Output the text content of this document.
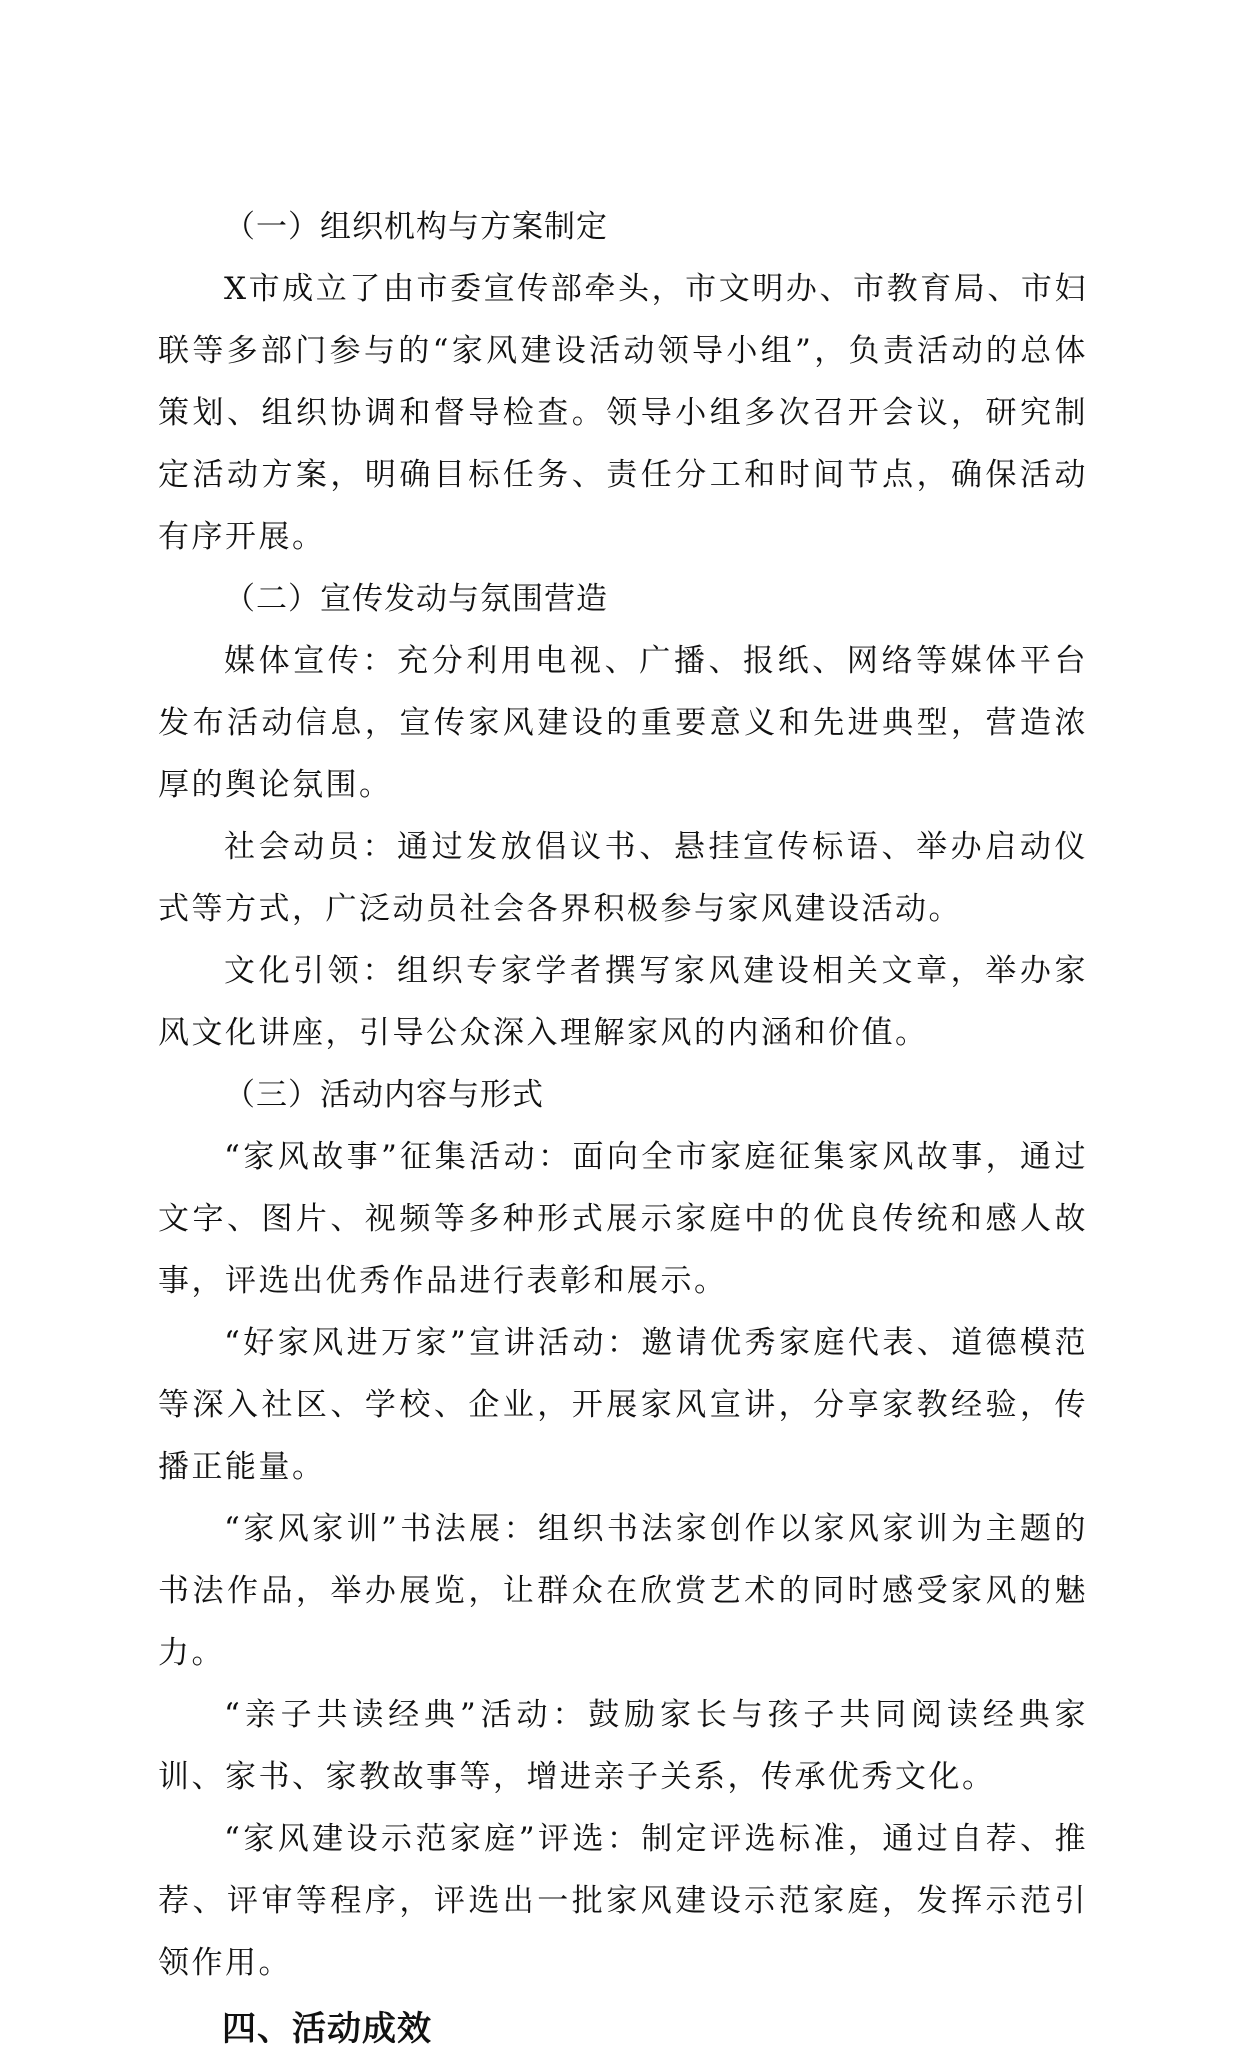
（一）组织机构与方案制定

X市成立了由市委宣传部牵头，市文明办、市教育局、市妇联等多部门参与的“家风建设活动领导小组”，负责活动的总体策划、组织协调和督导检查。领导小组多次召开会议，研究制定活动方案，明确目标任务、责任分工和时间节点，确保活动有序开展。

（二）宣传发动与氛围营造

媒体宣传：充分利用电视、广播、报纸、网络等媒体平台发布活动信息，宣传家风建设的重要意义和先进典型，营造浓厚的舆论氛围。

社会动员：通过发放倡议书、悬挂宣传标语、举办启动仪式等方式，广泛动员社会各界积极参与家风建设活动。

文化引领：组织专家学者撰写家风建设相关文章，举办家风文化讲座，引导公众深入理解家风的内涵和价值。

（三）活动内容与形式

“家风故事”征集活动：面向全市家庭征集家风故事，通过文字、图片、视频等多种形式展示家庭中的优良传统和感人故事，评选出优秀作品进行表彰和展示。

“好家风进万家”宣讲活动：邀请优秀家庭代表、道德模范等深入社区、学校、企业，开展家风宣讲，分享家教经验，传播正能量。

“家风家训”书法展：组织书法家创作以家风家训为主题的书法作品，举办展览，让群众在欣赏艺术的同时感受家风的魅力。

“亲子共读经典”活动：鼓励家长与孩子共同阅读经典家训、家书、家教故事等，增进亲子关系，传承优秀文化。

“家风建设示范家庭”评选：制定评选标准，通过自荐、推荐、评审等程序，评选出一批家风建设示范家庭，发挥示范引领作用。

四、活动成效
